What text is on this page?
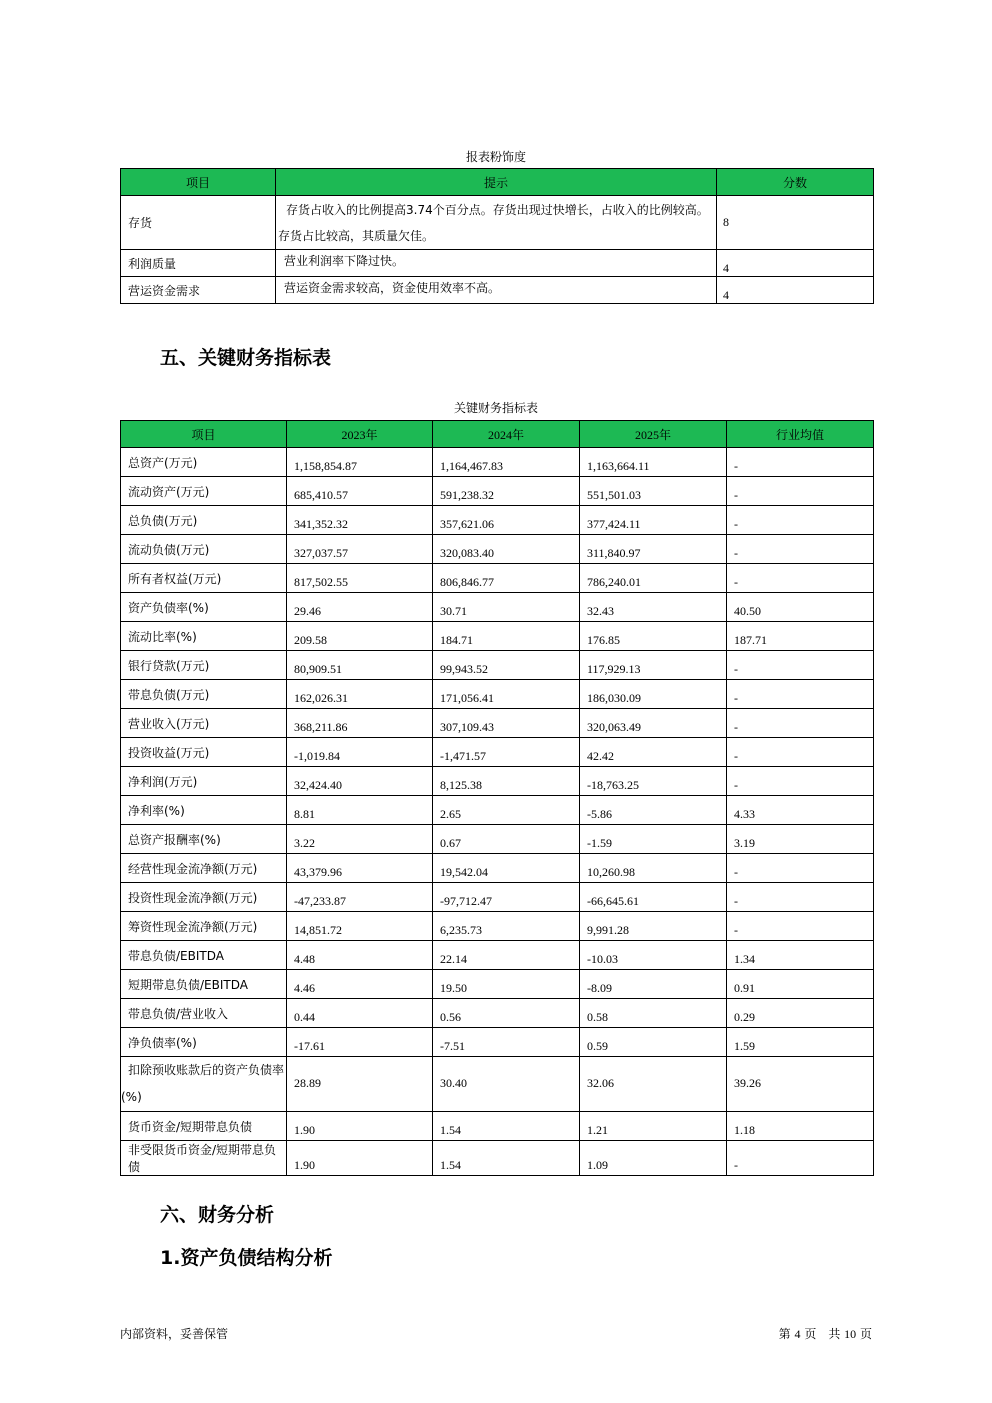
报表粉饰度
项目	提示	分数
存货	存货占收入的比例提高3.74个百分点。存货出现过快增长，占收入的比例较高。存货占比较高，其质量欠佳。	8
利润质量	营业利润率下降过快。	4
营运资金需求	营运资金需求较高，资金使用效率不高。	4
五、关键财务指标表
关键财务指标表
项目	2023年	2024年	2025年	行业均值
总资产(万元)	1,158,854.87	1,164,467.83	1,163,664.11	-
流动资产(万元)	685,410.57	591,238.32	551,501.03	-
总负债(万元)	341,352.32	357,621.06	377,424.11	-
流动负债(万元)	327,037.57	320,083.40	311,840.97	-
所有者权益(万元)	817,502.55	806,846.77	786,240.01	-
资产负债率(%)	29.46	30.71	32.43	40.50
流动比率(%)	209.58	184.71	176.85	187.71
银行贷款(万元)	80,909.51	99,943.52	117,929.13	-
带息负债(万元)	162,026.31	171,056.41	186,030.09	-
营业收入(万元)	368,211.86	307,109.43	320,063.49	-
投资收益(万元)	-1,019.84	-1,471.57	42.42	-
净利润(万元)	32,424.40	8,125.38	-18,763.25	-
净利率(%)	8.81	2.65	-5.86	4.33
总资产报酬率(%)	3.22	0.67	-1.59	3.19
经营性现金流净额(万元)	43,379.96	19,542.04	10,260.98	-
投资性现金流净额(万元)	-47,233.87	-97,712.47	-66,645.61	-
筹资性现金流净额(万元)	14,851.72	6,235.73	9,991.28	-
带息负债/EBITDA	4.48	22.14	-10.03	1.34
短期带息负债/EBITDA	4.46	19.50	-8.09	0.91
带息负债/营业收入	0.44	0.56	0.58	0.29
净负债率(%)	-17.61	-7.51	0.59	1.59
扣除预收账款后的资产负债率(%)	28.89	30.40	32.06	39.26
货币资金/短期带息负债	1.90	1.54	1.21	1.18
非受限货币资金/短期带息负债	1.90	1.54	1.09	-
六、财务分析
1.资产负债结构分析
内部资料，妥善保管	第 4 页　共 10 页
